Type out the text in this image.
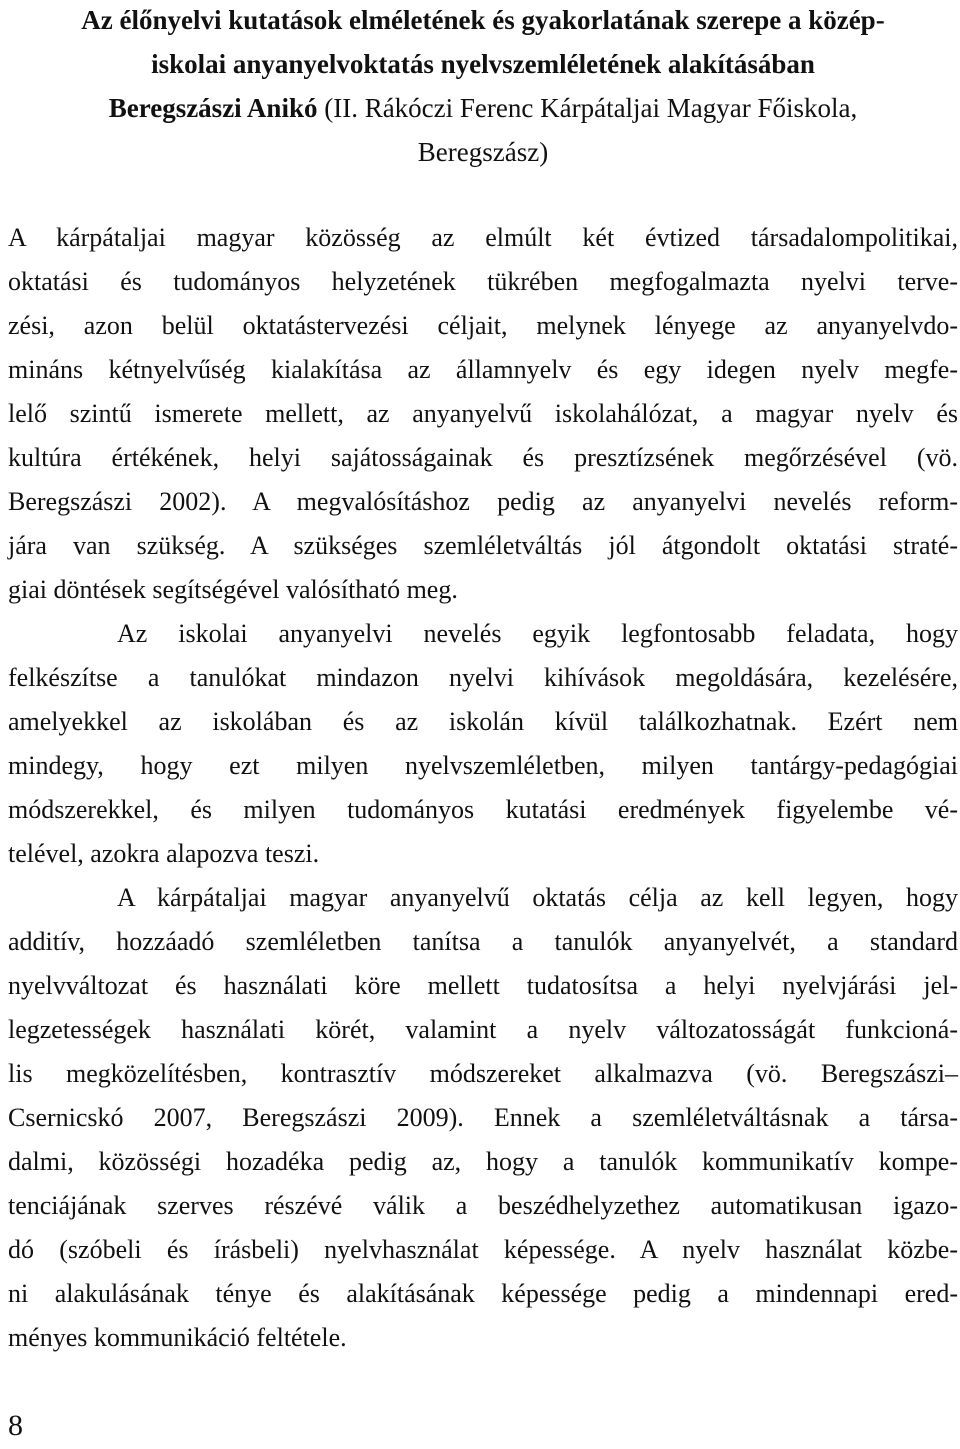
Az élőnyelvi kutatások elméletének és gyakorlatának szerepe a közép-
iskolai anyanyelvoktatás nyelvszemléletének alakításában
Beregszászi Anikó (II. Rákóczi Ferenc Kárpátaljai Magyar Főiskola,
Beregszász)
A kárpátaljai magyar közösség az elmúlt két évtized társadalompolitikai,
oktatási és tudományos helyzetének tükrében megfogalmazta nyelvi terve-
zési, azon belül oktatástervezési céljait, melynek lényege az anyanyelvdo-
mináns kétnyelvűség kialakítása az államnyelv és egy idegen nyelv megfe-
lelő szintű ismerete mellett, az anyanyelvű iskolahálózat, a magyar nyelv és
kultúra értékének, helyi sajátosságainak és presztízsének megőrzésével (vö.
Beregszászi 2002). A megvalósításhoz pedig az anyanyelvi nevelés reform-
jára van szükség. A szükséges szemléletváltás jól átgondolt oktatási straté-
giai döntések segítségével valósítható meg.
Az iskolai anyanyelvi nevelés egyik legfontosabb feladata, hogy
felkészítse a tanulókat mindazon nyelvi kihívások megoldására, kezelésére,
amelyekkel az iskolában és az iskolán kívül találkozhatnak. Ezért nem
mindegy, hogy ezt milyen nyelvszemléletben, milyen tantárgy-pedagógiai
módszerekkel, és milyen tudományos kutatási eredmények figyelembe vé-
telével, azokra alapozva teszi.
A kárpátaljai magyar anyanyelvű oktatás célja az kell legyen, hogy
additív, hozzáadó szemléletben tanítsa a tanulók anyanyelvét, a standard
nyelvváltozat és használati köre mellett tudatosítsa a helyi nyelvjárási jel-
legzetességek használati körét, valamint a nyelv változatosságát funkcioná-
lis megközelítésben, kontrasztív módszereket alkalmazva (vö. Beregszászi–
Csernicskó 2007, Beregszászi 2009). Ennek a szemléletváltásnak a társa-
dalmi, közösségi hozadéka pedig az, hogy a tanulók kommunikatív kompe-
tenciájának szerves részévé válik a beszédhelyzethez automatikusan igazo-
dó (szóbeli és írásbeli) nyelvhasználat képessége. A nyelv használat közbe-
ni alakulásának ténye és alakításának képessége pedig a mindennapi ered-
ményes kommunikáció feltétele.
8
